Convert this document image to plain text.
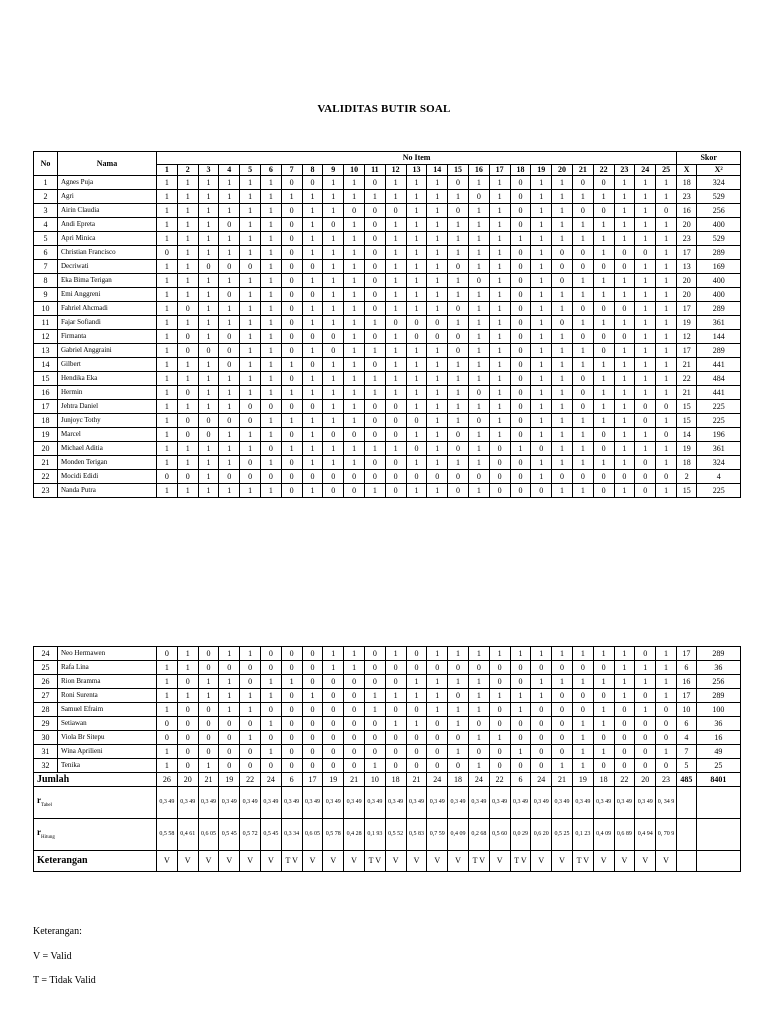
VALIDITAS BUTIR SOAL
No	Nama	No Item																									Skor	
		1	2	3	4	5	6	7	8	9	10	11	12	13	14	15	16	17	18	19	20	21	22	23	24	25	X	X²
1	Agnes Puja	1	1	1	1	1	1	0	0	1	1	0	1	1	1	0	1	1	0	1	1	0	0	1	1	1	18	324
2	Agri	1	1	1	1	1	1	1	1	1	1	1	1	1	1	1	0	1	0	1	1	1	1	1	1	1	23	529
3	Airin Claudia	1	1	1	1	1	1	0	1	1	0	0	0	1	1	0	1	1	0	1	1	0	0	1	1	0	16	256
4	Andi Epreta	1	1	1	0	1	1	0	1	0	1	0	1	1	1	1	1	1	0	1	1	1	1	1	1	1	20	400
5	Apri Minica	1	1	1	1	1	1	0	1	1	1	0	1	1	1	1	1	1	1	1	1	1	1	1	1	1	23	529
6	Christian Francisco	0	1	1	1	1	1	0	1	1	1	0	1	1	1	1	1	1	0	1	0	0	1	0	0	1	17	289
7	Decriwati	1	1	0	0	0	1	0	0	1	1	0	1	1	1	0	1	1	0	1	0	0	0	0	1	1	13	169
8	Eka Bima Terigan	1	1	1	1	1	1	0	1	1	1	0	1	1	1	1	0	1	0	1	0	1	1	1	1	1	20	400
9	Emi Anggreni	1	1	1	0	1	1	0	0	1	1	0	1	1	1	1	1	1	0	1	1	1	1	1	1	1	20	400
10	Fahriel Ahcmadi	1	0	1	1	1	1	0	1	1	1	0	1	1	1	0	1	1	0	1	1	0	0	0	1	1	17	289
11	Fajar Sofiandi	1	1	1	1	1	1	0	1	1	1	1	0	0	0	1	1	1	0	1	0	1	1	1	1	1	19	361
12	Firmanta	1	0	1	0	1	1	0	0	0	1	0	1	0	0	0	1	1	0	1	1	0	0	0	1	1	12	144
13	Gabriel Anggraini	1	0	0	0	1	1	0	1	0	1	1	1	1	1	0	1	1	0	1	1	1	0	1	1	1	17	289
14	Gilbert	1	1	1	0	1	1	1	0	1	1	0	1	1	1	1	1	1	0	1	1	1	1	1	1	1	21	441
15	Hendika Eka	1	1	1	1	1	1	0	1	1	1	1	1	1	1	1	1	1	0	1	1	0	1	1	1	1	22	484
16	Hermin	1	0	1	1	1	1	1	1	1	1	1	1	1	1	1	0	1	0	1	1	0	1	1	1	1	21	441
17	Jehtra Daniel	1	1	1	1	0	0	0	0	1	1	0	0	1	1	1	1	1	0	1	1	0	1	1	0	0	15	225
18	Junjoyc Tothy	1	0	0	0	0	1	1	1	1	1	0	0	0	1	1	0	1	0	1	1	1	1	1	0	1	15	225
19	Marcel	1	0	0	1	1	1	0	1	0	0	0	0	1	1	0	1	1	0	1	1	1	0	1	1	0	14	196
20	Michael Aditia	1	1	1	1	1	0	1	1	1	1	1	1	0	1	0	1	0	1	0	1	1	0	1	1	1	19	361
21	Monden Terigan	1	1	1	1	0	1	0	1	1	1	0	0	1	1	1	1	0	0	1	1	1	1	1	0	1	18	324
22	Mocidi Edidi	0	0	1	0	0	0	0	0	0	0	0	0	0	0	0	0	0	0	1	0	0	0	0	0	0	2	4
23	Nanda Putra	1	1	1	1	1	1	0	1	0	0	1	0	1	1	0	1	0	0	0	1	1	0	1	0	1	15	225
24	Neo Hermawen	0	1	0	1	1	0	0	0	1	1	0	1	0	1	1	1	1	1	1	1	1	1	1	0	1	17	289
25	Rafa Lina	1	1	0	0	0	0	0	0	1	1	0	0	0	0	0	0	0	0	0	0	0	0	1	1	1	6	36
26	Rion Bramma	1	0	1	1	0	1	1	0	0	0	0	0	1	1	1	1	0	0	1	1	1	1	1	1	1	16	256
27	Roni Surenta	1	1	1	1	1	1	0	1	0	0	1	1	1	1	0	1	1	1	1	0	0	0	1	0	1	17	289
28	Samuel Efraim	1	0	0	1	1	0	0	0	0	0	1	0	0	1	1	1	0	1	0	0	0	1	0	1	0	10	100
29	Setiawan	0	0	0	0	0	1	0	0	0	0	0	1	1	0	1	0	0	0	0	0	1	1	0	0	0	6	36
30	Viola Br Sitepu	0	0	0	0	1	0	0	0	0	0	0	0	0	0	0	1	1	0	0	0	1	0	0	0	0	4	16
31	Wina Aprilieni	1	0	0	0	0	1	0	0	0	0	0	0	0	0	1	0	0	1	0	0	1	1	0	0	1	7	49
32	Tenika	1	0	1	0	0	0	0	0	0	0	1	0	0	0	0	1	0	0	0	1	1	0	0	0	0	5	25
Jumlah		26	20	21	19	22	24	6	17	19	21	10	18	21	24	18	24	22	6	24	21	19	18	22	20	23	485	8401
$r_{Tabel}$		0,3 49	0,3 49	0,3 49	0,3 49	0,3 49	0,3 49	0,3 49	0,3 49	0,3 49	0,3 49	0,3 49	0,3 49	0,3 49	0,3 49	0,3 49	0,3 49	0,3 49	0,3 49	0,3 49	0,3 49	0,3 49	0,3 49	0,3 49	0,3 49	0, 34 9		
$r_{Hitung}$		0,5 58	0,4 61	0,6 05	0,5 45	0,5 72	0,5 45	0,3 34	0,6 05	0,5 78	0,4 28	0,1 93	0,5 52	0,5 83	0,7 59	0,4 09	0,2 68	0,5 60	0,0 29	0,6 20	0,5 25	0,1 23	0,4 09	0,6 89	0,4 94	0, 70 9		
Keterangan		V	V	V	V	V	V	T V	V	V	V	T V	V	V	V	V	T V	V	T V	V	V	T V	V	V	V	V		
Keterangan:
V = Valid
T = Tidak Valid
